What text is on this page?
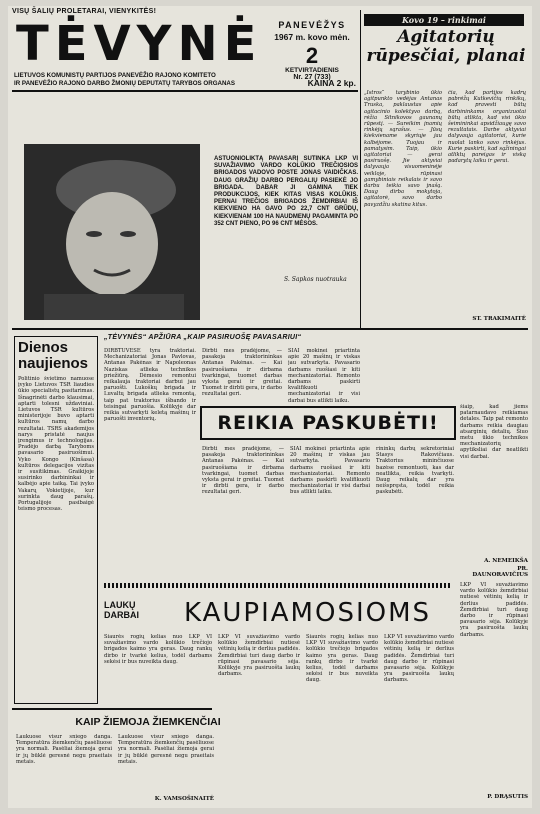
VISŲ ŠALIŲ PROLETARAI, VIENYKITĖS!
TĖVYNĖ
LIETUVOS KOMUNISTŲ PARTIJOS PANEVĖŽIO RAJONO KOMITETO
IR PANEVĖŽIO RAJONO DARBO ŽMONIŲ DEPUTATŲ TARYBOS ORGANAS
PANEVĖŽYS
1967 m. kovo mėn.
2
KETVIRTADIENIS
Nr. 27 (733)
KAINA 2 kp.
Kovo 19 – rinkimai
Agitatorių rūpesčiai, planai
„Istros“ tarybinio ūkio agitpunkto vedėjas Antanas Truska, paklaustas apie agitacinio kolektyvo darbą, rėžia Sitnikovos gaunanų rūpestį. — Sureikim įnamių rinkėjų sąrašus. — Jūsų kiekviename skyriuje jau kalbėjome. Tuojau ir pamatysim. Taip, ūkio agitatoriai — gerai pasiruošę. Jie aktyviai dalyvauja visuomeninėje veikloje, rūpinasi gamybiniais reikalais ir savo darbu teikia savo įnašą. Daug dirba mokytoja, agitatorė, savo darbo pavyzdžiu skatina kitus.
čia, kad partijos kadrų pabrėžų Kutkevičių rinkikų, kad pravesti būtų darbininkams organizuotai būtų atlikta, kad visi ūkio šeimininkai apsidžiaugę savo rezultatais. Darbe aktyviai dalyvauja agitatoriai, kurie nuolat lanko savo rinkėjus. Kurie paskirti, kad sąžiningai atliktų pareigas ir viską padarytų laiku ir gerai.
ST. TRAKIMAITĖ
ASTUONIOLIKTĄ PAVASARĮ SUTINKA LKP VI SUVAŽIAVIMO VARDO KOLŪKIO TREČIOSIOS BRIGADOS VADOVO POSTE JONAS VAIDIČKAS. DAUG GRAŽIŲ DARBO PERGALIŲ PASIEKĖ JO BRIGADA. DABAR JI GAMINA TIEK PRODUKCIJOS, KIEK KITAS VISAS KOLŪKIS. PERNAI TREČIOS BRIGADOS ŽEMDIRBIAI IŠ KIEKVIENO HA GAVO PO 22,7 CNT GRŪDŲ, KIEKVIENAM 100 HA NAUDMENŲ PAGAMINTA PO 352 CNT PIENO, PO 96 CNT MĖSOS.
S. Sapkos nuotrauka
Dienos naujienos
Politinio švietimo namuose įvyko Lietuvos TSR liaudies ūkio specialistų pasitarimas. Išnagrinėti darbo klausimai, aptarti tolesni uždaviniai. Lietuvos TSR kultūros ministerijoje buvo aptarti kultūros namų darbo rezultatai. TSRS akademijos narys pristatė naujus įrengimus ir technologijas. Pradėjo darbą Taryboms pavasario pasiruošimui. Vyko Kongo (Kinšasa) kultūros delegacijos vizitas ir susitikimas. Graikijoje susirinko darbininkai ir kalbėjo apie taiką. Tai įvyko Vakarų Vokietijoje, kur surinkta daug parašų. Portugalijoje pasibaigė teismo procesas.
„TĖVYNĖS“ APŽIŪRA „KAIP PASIRUOŠĘ PAVASARIUI“
DIRBTUVĖSE tyra traktoriai. Mechanizatoriai Jonas Pavlovas, Antanas Pakėnas ir Napoleonas Naziskas atlieka technikos priežiūrą. Dėmesio remontui reikalauja traktoriai darbui jau paruošti. Lukoškų brigada ir Luvaltų brigada atlieka remontą, taip pat traktorius išbando ir teisingai paruošia. Kolūkyje dar reikia sutvarkyti keletą mašinų ir paruošti inventorių.
Dirbti mes pradėjome, — pasakoja traktorininkas Antanas Pakėnas. — Kai pasiruošiama ir dirbama tvarkingai, tuomet darbas vyksta gerai ir greitai. Tuomet ir dirbti gera, ir darbo rezultatai geri.
ŠIAI mokinei priartinta apie 20 mašinų ir viskas jau sutvarkyta. Pavasario darbams ruošiasi ir kiti mechanizatoriai. Remonto darbams paskirti kvalifikuoti mechanizatoriai ir visi darbai bus atlikti laiku.
REIKIA PASKUBĖTI!
Dirbti mes pradėjome, — pasakoja traktorininkas Antanas Pakėnas. — Kai pasiruošiama ir dirbama tvarkingai, tuomet darbas vyksta gerai ir greitai. Tuomet ir dirbti gera, ir darbo rezultatai geri.
ŠIAI mokinei priartinta apie 20 mašinų ir viskas jau sutvarkyta. Pavasario darbams ruošiasi ir kiti mechanizatoriai. Remonto darbams paskirti kvalifikuoti mechanizatoriai ir visi darbai bus atlikti laiku.
rininkų darbų sekretoriniai Stasys Rakovičiaus. Traktorius mininčiuose bazėse remontuoti, kas dar neatlikta, reikia tvarkyti. Daug reikalų dar yra neišspręsta, todėl reikia paskubėti.
šiaip, kad jiems patarnaudavo reikiamas detales. Taip pat remonto darbams reikia daugiau atsarginių detalių. Šiuo metu ūkio technikos mechanizatorių apytiksliai dar neatlikti visi darbai.
A. NEMEIKŠA
PR. DAUNORAVIČIUS
LAUKŲ DARBAI	KAUPIAMOSIOMS
Šiaurės rogių kelias nuo LKP VI suvažiavimo vardo kolūkio trečiojo brigados kaimo yra geras. Daug rankų dirbo ir tvarkė kelius, todėl darbams sekėsi ir bus nuveikta daug.
LKP VI suvažiavimo vardo kolūkio žemdirbiai nutiesė vėtinių kelią ir derlius padidės. Žemdirbiai turi daug darbo ir rūpinasi pavasario sėja. Kolūkyje yra pasiruošta laukų darbams.
Šiaurės rogių kelias nuo LKP VI suvažiavimo vardo kolūkio trečiojo brigados kaimo yra geras. Daug rankų dirbo ir tvarkė kelius, todėl darbams sekėsi ir bus nuveikta daug.
LKP VI suvažiavimo vardo kolūkio žemdirbiai nutiesė vėtinių kelią ir derlius padidės. Žemdirbiai turi daug darbo ir rūpinasi pavasario sėja. Kolūkyje yra pasiruošta laukų darbams.
LKP VI suvažiavimo vardo kolūkio žemdirbiai nutiesė vėtinių kelią ir derlius padidės. Žemdirbiai turi daug darbo ir rūpinasi pavasario sėja. Kolūkyje yra pasiruošta laukų darbams.
P. DRĄSUTIS
KAIP ŽIEMOJA ŽIEMKENČIAI
Laukuose visur sniego danga. Temperatūra žiemkenčių pasėliuose yra normali. Pasėliai žiemoja gerai ir jų būklė geresnė negu praeitais metais.
Laukuose visur sniego danga. Temperatūra žiemkenčių pasėliuose yra normali. Pasėliai žiemoja gerai ir jų būklė geresnė negu praeitais metais.
K. VAMSOŠINAITĖ
